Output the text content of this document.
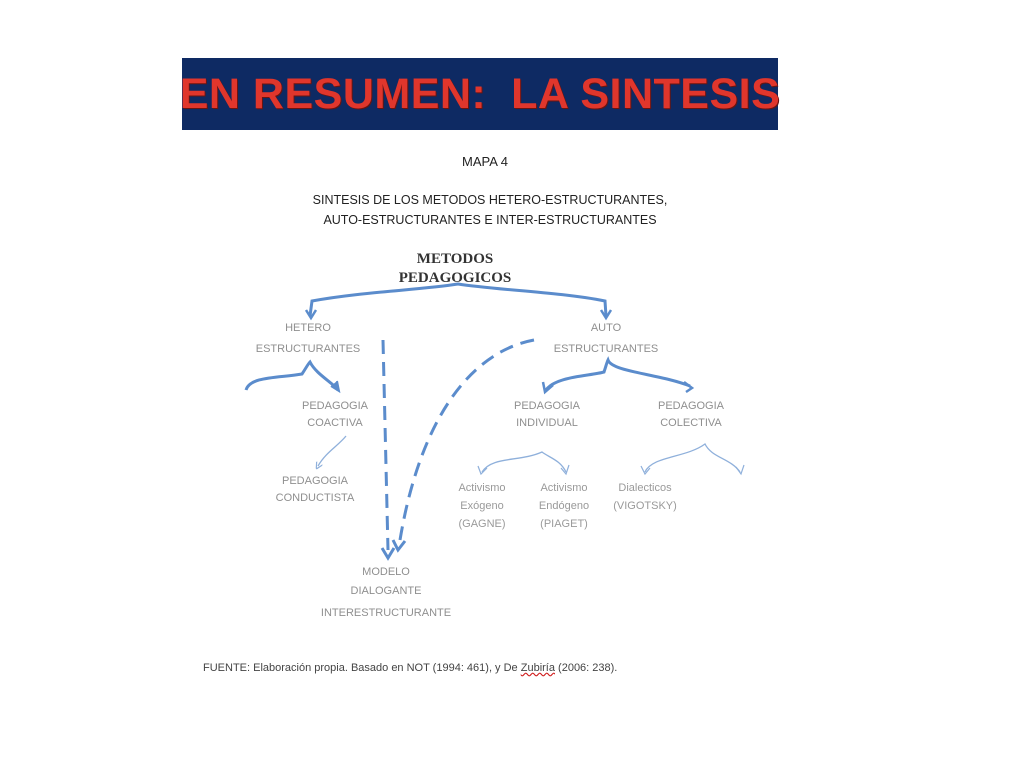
EN RESUMEN:  LA SINTESIS
MAPA 4
SINTESIS DE LOS METODOS HETERO-ESTRUCTURANTES,
AUTO-ESTRUCTURANTES E INTER-ESTRUCTURANTES
METODOS
PEDAGOGICOS
HETERO
ESTRUCTURANTES
AUTO
ESTRUCTURANTES
PEDAGOGIA
COACTIVA
PEDAGOGIA
INDIVIDUAL
PEDAGOGIA
COLECTIVA
PEDAGOGIA
CONDUCTISTA
Activismo
Exógeno
(GAGNE)
Activismo
Endógeno
(PIAGET)
Dialecticos
(VIGOTSKY)
MODELO
DIALOGANTE
INTERESTRUCTURANTE
FUENTE: Elaboración propia. Basado en NOT (1994: 461), y De Zubiría (2006: 238).
